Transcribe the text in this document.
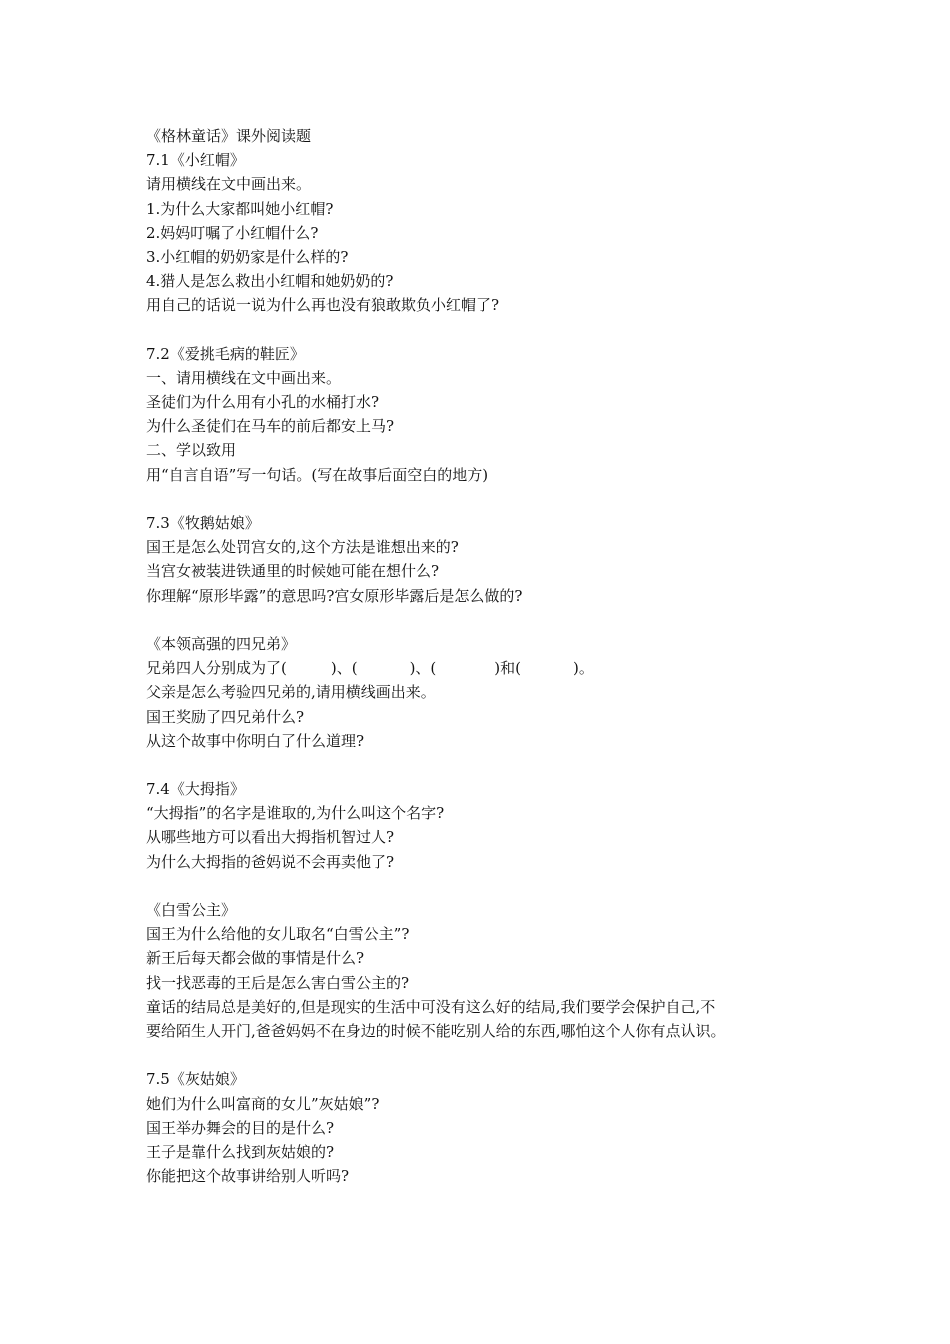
《格林童话》课外阅读题
7.1《小红帽》
请用横线在文中画出来。
1.为什么大家都叫她小红帽?
2.妈妈叮嘱了小红帽什么?
3.小红帽的奶奶家是什么样的?
4.猎人是怎么救出小红帽和她奶奶的?
用自己的话说一说为什么再也没有狼敢欺负小红帽了?
7.2《爱挑毛病的鞋匠》
一、请用横线在文中画出来。
圣徒们为什么用有小孔的水桶打水?
为什么圣徒们在马车的前后都安上马?
二、学以致用
用“自言自语”写一句话。(写在故事后面空白的地方)
7.3《牧鹅姑娘》
国王是怎么处罚宫女的,这个方法是谁想出来的?
当宫女被装进铁通里的时候她可能在想什么?
你理解“原形毕露”的意思吗?宫女原形毕露后是怎么做的?
《本领高强的四兄弟》
兄弟四人分别成为了(	)、(	)、(	)和(	)。
父亲是怎么考验四兄弟的,请用横线画出来。
国王奖励了四兄弟什么?
从这个故事中你明白了什么道理?
7.4《大拇指》
“大拇指”的名字是谁取的,为什么叫这个名字?
从哪些地方可以看出大拇指机智过人?
为什么大拇指的爸妈说不会再卖他了?
《白雪公主》
国王为什么给他的女儿取名“白雪公主”?
新王后每天都会做的事情是什么?
找一找恶毒的王后是怎么害白雪公主的?
童话的结局总是美好的,但是现实的生活中可没有这么好的结局,我们要学会保护自己,不
要给陌生人开门,爸爸妈妈不在身边的时候不能吃别人给的东西,哪怕这个人你有点认识。
7.5《灰姑娘》
她们为什么叫富商的女儿”灰姑娘”?
国王举办舞会的目的是什么?
王子是靠什么找到灰姑娘的?
你能把这个故事讲给别人听吗?
